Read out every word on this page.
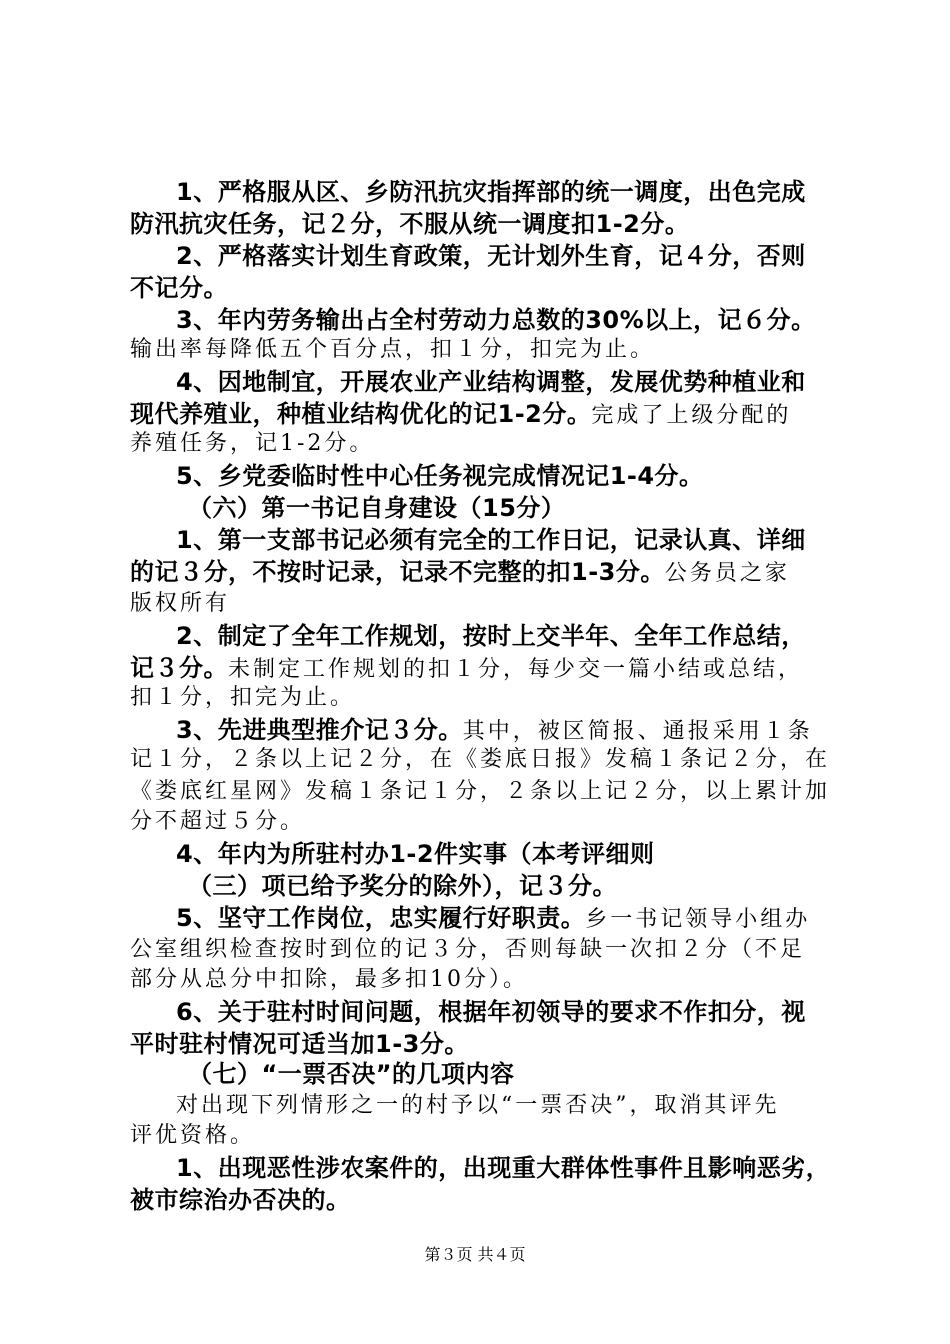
1、严格服从区、乡防汛抗灾指挥部的统一调度，出色完成
防汛抗灾任务，记２分，不服从统一调度扣1-2分。
2、严格落实计划生育政策，无计划外生育，记４分，否则
不记分。
3、年内劳务输出占全村劳动力总数的30%以上，记６分。
输出率每降低五个百分点，扣１分，扣完为止。
4、因地制宜，开展农业产业结构调整，发展优势种植业和
现代养殖业，种植业结构优化的记1-2分。完成了上级分配的
养殖任务，记1-2分。
5、乡党委临时性中心任务视完成情况记1-4分。
（六）第一书记自身建设（15分）
1、第一支部书记必须有完全的工作日记，记录认真、详细
的记３分，不按时记录，记录不完整的扣1-3分。公务员之家
版权所有
2、制定了全年工作规划，按时上交半年、全年工作总结，
记３分。未制定工作规划的扣１分，每少交一篇小结或总结，
扣１分，扣完为止。
3、先进典型推介记３分。其中，被区简报、通报采用１条
记１分，２条以上记２分，在《娄底日报》发稿１条记２分，在
《娄底红星网》发稿１条记１分，２条以上记２分，以上累计加
分不超过５分。
4、年内为所驻村办1-2件实事（本考评细则
（三）项已给予奖分的除外），记３分。
5、坚守工作岗位，忠实履行好职责。乡一书记领导小组办
公室组织检查按时到位的记３分，否则每缺一次扣２分（不足
部分从总分中扣除，最多扣10分）。
6、关于驻村时间问题，根据年初领导的要求不作扣分，视
平时驻村情况可适当加1-3分。
（七）“一票否决”的几项内容
对出现下列情形之一的村予以“一票否决”，取消其评先
评优资格。
1、出现恶性涉农案件的，出现重大群体性事件且影响恶劣，
被市综治办否决的。
第３页 共４页
